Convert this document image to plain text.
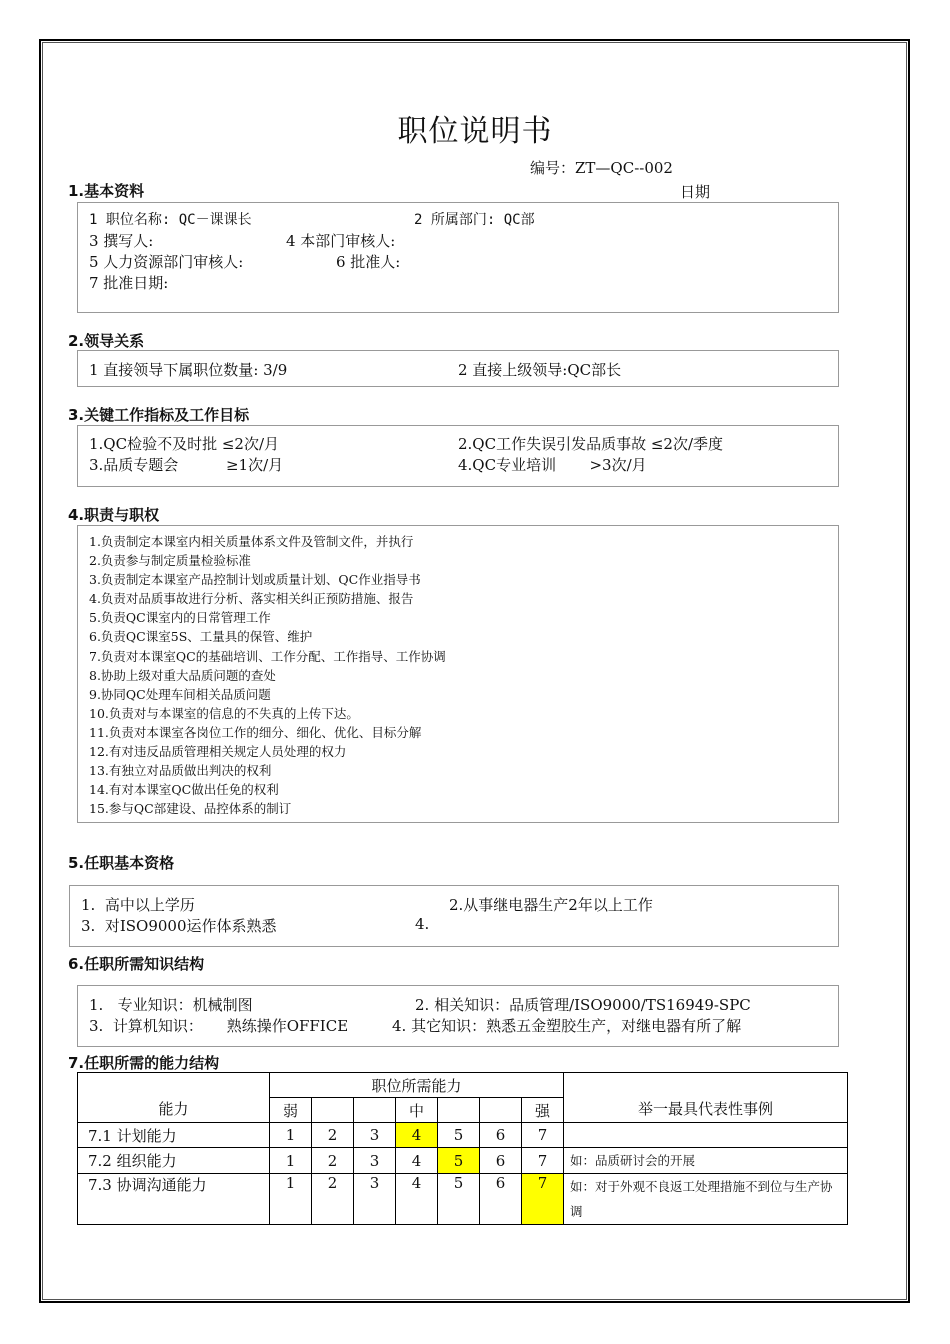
职位说明书
编号：ZT—QC--002
日期
1.基本资料
1 职位名称: QC－课课长	2 所属部门: QC部
3 撰写人:	4 本部门审核人:
5 人力资源部门审核人:	6 批准人:
7 批准日期:
2.领导关系
1 直接领导下属职位数量: 3/9	2 直接上级领导:QC部长
3.关键工作指标及工作目标
1.QC检验不及时批 ≤2次/月	2.QC工作失误引发品质事故 ≤2次/季度
3.品质专题会          ≥1次/月	4.QC专业培训       >3次/月
4.职责与职权
1.负责制定本课室内相关质量体系文件及管制文件，并执行
2.负责参与制定质量检验标准
3.负责制定本课室产品控制计划或质量计划、QC作业指导书
4.负责对品质事故进行分析、落实相关纠正预防措施、报告
5.负责QC课室内的日常管理工作
6.负责QC课室5S、工量具的保管、维护
7.负责对本课室QC的基础培训、工作分配、工作指导、工作协调
8.协助上级对重大品质问题的查处
9.协同QC处理车间相关品质问题
10.负责对与本课室的信息的不失真的上传下达。
11.负责对本课室各岗位工作的细分、细化、优化、目标分解
12.有对违反品质管理相关规定人员处理的权力
13.有独立对品质做出判决的权利
14.有对本课室QC做出任免的权利
15.参与QC部建设、品控体系的制订
5.任职基本资格
1.  高中以上学历	2.从事继电器生产2年以上工作
3.  对ISO9000运作体系熟悉	4.
6.任职所需知识结构
1.   专业知识：机械制图	2. 相关知识：品质管理/ISO9000/TS16949-SPC
3.  计算机知识：     熟练操作OFFICE	4. 其它知识：熟悉五金塑胶生产，对继电器有所了解
7.任职所需的能力结构
能力	职位所需能力							举一最具代表性事例
	弱			中			强	
7.1 计划能力	1	2	3	4	5	6	7	
7.2 组织能力	1	2	3	4	5	6	7	如：品质研讨会的开展
7.3 协调沟通能力	1	2	3	4	5	6	7	如：对于外观不良返工处理措施不到位与生产协调
